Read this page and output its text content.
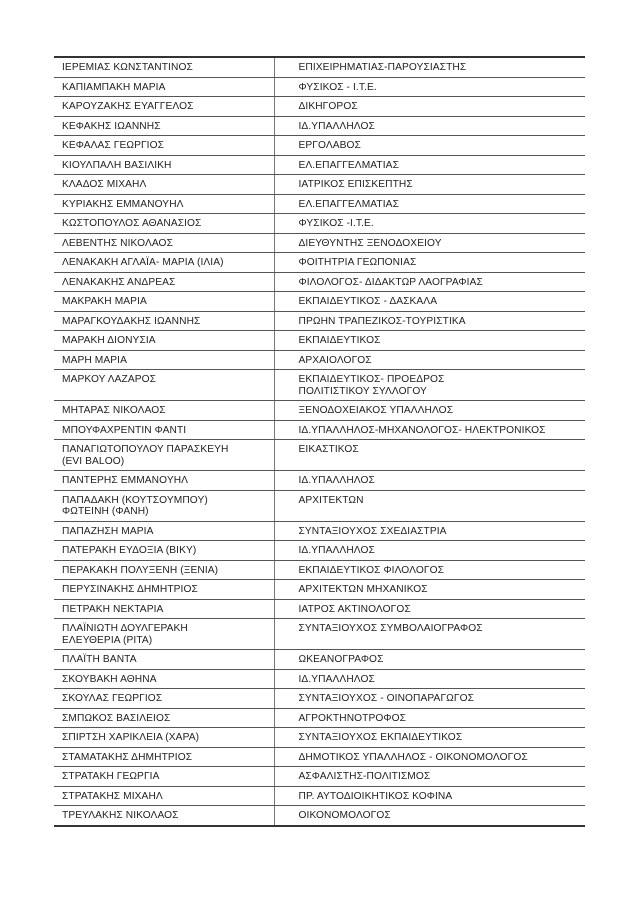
ΙΕΡΕΜΙΑΣ ΚΩΝΣΤΑΝΤΙΝΟΣ	ΕΠΙΧΕΙΡΗΜΑΤΙΑΣ-ΠΑΡΟΥΣΙΑΣΤΗΣ
ΚΑΠΙΑΜΠΑΚΗ ΜΑΡΙΑ	ΦΥΣΙΚΟΣ - Ι.Τ.Ε.
ΚΑΡΟΥΖΑΚΗΣ ΕΥΑΓΓΕΛΟΣ	ΔΙΚΗΓΟΡΟΣ
ΚΕΦΑΚΗΣ ΙΩΑΝΝΗΣ	ΙΔ.ΥΠΑΛΛΗΛΟΣ
ΚΕΦΑΛΑΣ ΓΕΩΡΓΙΟΣ	ΕΡΓΟΛΑΒΟΣ
ΚΙΟΥΛΠΑΛΗ ΒΑΣΙΛΙΚΗ	ΕΛ.ΕΠΑΓΓΕΛΜΑΤΙΑΣ
ΚΛΑΔΟΣ ΜΙΧΑΗΛ	ΙΑΤΡΙΚΟΣ ΕΠΙΣΚΕΠΤΗΣ
ΚΥΡΙΑΚΗΣ ΕΜΜΑΝΟΥΗΛ	ΕΛ.ΕΠΑΓΓΕΛΜΑΤΙΑΣ
ΚΩΣΤΟΠΟΥΛΟΣ ΑΘΑΝΑΣΙΟΣ	ΦΥΣΙΚΟΣ -Ι.Τ.Ε.
ΛΕΒΕΝΤΗΣ ΝΙΚΟΛΑΟΣ	ΔΙΕΥΘΥΝΤΗΣ ΞΕΝΟΔΟΧΕΙΟΥ
ΛΕΝΑΚΑΚΗ ΑΓΛΑΪΑ- ΜΑΡΙΑ (ΙΛΙΑ)	ΦΟΙΤΗΤΡΙΑ ΓΕΩΠΟΝΙΑΣ
ΛΕΝΑΚΑΚΗΣ ΑΝΔΡΕΑΣ	ΦΙΛΟΛΟΓΟΣ- ΔΙΔΑΚΤΩΡ ΛΑΟΓΡΑΦΙΑΣ
ΜΑΚΡΑΚΗ ΜΑΡΙΑ	ΕΚΠΑΙΔΕΥΤΙΚΟΣ - ΔΑΣΚΑΛΑ
ΜΑΡΑΓΚΟΥΔΑΚΗΣ ΙΩΑΝΝΗΣ	ΠΡΩΗΝ ΤΡΑΠΕΖΙΚΟΣ-ΤΟΥΡΙΣΤΙΚΑ
ΜΑΡΑΚΗ ΔΙΟΝΥΣΙΑ	ΕΚΠΑΙΔΕΥΤΙΚΟΣ
ΜΑΡΗ ΜΑΡΙΑ	ΑΡΧΑΙΟΛΟΓΟΣ
ΜΑΡΚΟΥ ΛΑΖΑΡΟΣ	ΕΚΠΑΙΔΕΥΤΙΚΟΣ- ΠΡΟΕΔΡΟΣ
ΠΟΛΙΤΙΣΤΙΚΟΥ ΣΥΛΛΟΓΟΥ
ΜΗΤΑΡΑΣ ΝΙΚΟΛΑΟΣ	ΞΕΝΟΔΟΧΕΙΑΚΟΣ ΥΠΑΛΛΗΛΟΣ
ΜΠΟΥΦΑΧΡΕΝΤΙΝ ΦΑΝΤΙ	ΙΔ.ΥΠΑΛΛΗΛΟΣ-ΜΗΧΑΝΟΛΟΓΟΣ- ΗΛΕΚΤΡΟΝΙΚΟΣ
ΠΑΝΑΓΙΩΤΟΠΟΥΛΟΥ ΠΑΡΑΣΚΕΥΗ
(EVI BALOO)	ΕΙΚΑΣΤΙΚΟΣ
ΠΑΝΤΕΡΗΣ ΕΜΜΑΝΟΥΗΛ	ΙΔ.ΥΠΑΛΛΗΛΟΣ
ΠΑΠΑΔΑΚΗ (ΚΟΥΤΣΟΥΜΠΟΥ)
ΦΩΤΕΙΝΗ (ΦΑΝΗ)	ΑΡΧΙΤΕΚΤΩΝ
ΠΑΠΑΖΗΣΗ ΜΑΡΙΑ	ΣΥΝΤΑΞΙΟΥΧΟΣ ΣΧΕΔΙΑΣΤΡΙΑ
ΠΑΤΕΡΑΚΗ ΕΥΔΟΞΙΑ (ΒΙΚΥ)	ΙΔ.ΥΠΑΛΛΗΛΟΣ
ΠΕΡΑΚΑΚΗ ΠΟΛΥΞΕΝΗ (ΞΕΝΙΑ)	ΕΚΠΑΙΔΕΥΤΙΚΟΣ ΦΙΛΟΛΟΓΟΣ
ΠΕΡΥΣΙΝΑΚΗΣ ΔΗΜΗΤΡΙΟΣ	ΑΡΧΙΤΕΚΤΩΝ ΜΗΧΑΝΙΚΟΣ
ΠΕΤΡΑΚΗ ΝΕΚΤΑΡΙΑ	ΙΑΤΡΟΣ ΑΚΤΙΝΟΛΟΓΟΣ
ΠΛΑΪΝΙΩΤΗ ΔΟΥΛΓΕΡΑΚΗ
ΕΛΕΥΘΕΡΙΑ (ΡΙΤΑ)	ΣΥΝΤΑΞΙΟΥΧΟΣ ΣΥΜΒΟΛΑΙΟΓΡΑΦΟΣ
ΠΛΑΪΤΗ ΒΑΝΤΑ	ΩΚΕΑΝΟΓΡΑΦΟΣ
ΣΚΟΥΒΑΚΗ ΑΘΗΝΑ	ΙΔ.ΥΠΑΛΛΗΛΟΣ
ΣΚΟΥΛΑΣ ΓΕΩΡΓΙΟΣ	ΣΥΝΤΑΞΙΟΥΧΟΣ - ΟΙΝΟΠΑΡΑΓΩΓΟΣ
ΣΜΠΩΚΟΣ ΒΑΣΙΛΕΙΟΣ	ΑΓΡΟΚΤΗΝΟΤΡΟΦΟΣ
ΣΠΙΡΤΣΗ ΧΑΡΙΚΛΕΙΑ (ΧΑΡΑ)	ΣΥΝΤΑΞΙΟΥΧΟΣ ΕΚΠΑΙΔΕΥΤΙΚΟΣ
ΣΤΑΜΑΤΑΚΗΣ ΔΗΜΗΤΡΙΟΣ	ΔΗΜΟΤΙΚΟΣ ΥΠΑΛΛΗΛΟΣ - ΟΙΚΟΝΟΜΟΛΟΓΟΣ
ΣΤΡΑΤΑΚΗ ΓΕΩΡΓΙΑ	ΑΣΦΑΛΙΣΤΗΣ-ΠΟΛΙΤΙΣΜΟΣ
ΣΤΡΑΤΑΚΗΣ ΜΙΧΑΗΛ	ΠΡ. ΑΥΤΟΔΙΟΙΚΗΤΙΚΟΣ ΚΟΦΙΝΑ
ΤΡΕΥΛΑΚΗΣ ΝΙΚΟΛΑΟΣ	ΟΙΚΟΝΟΜΟΛΟΓΟΣ
